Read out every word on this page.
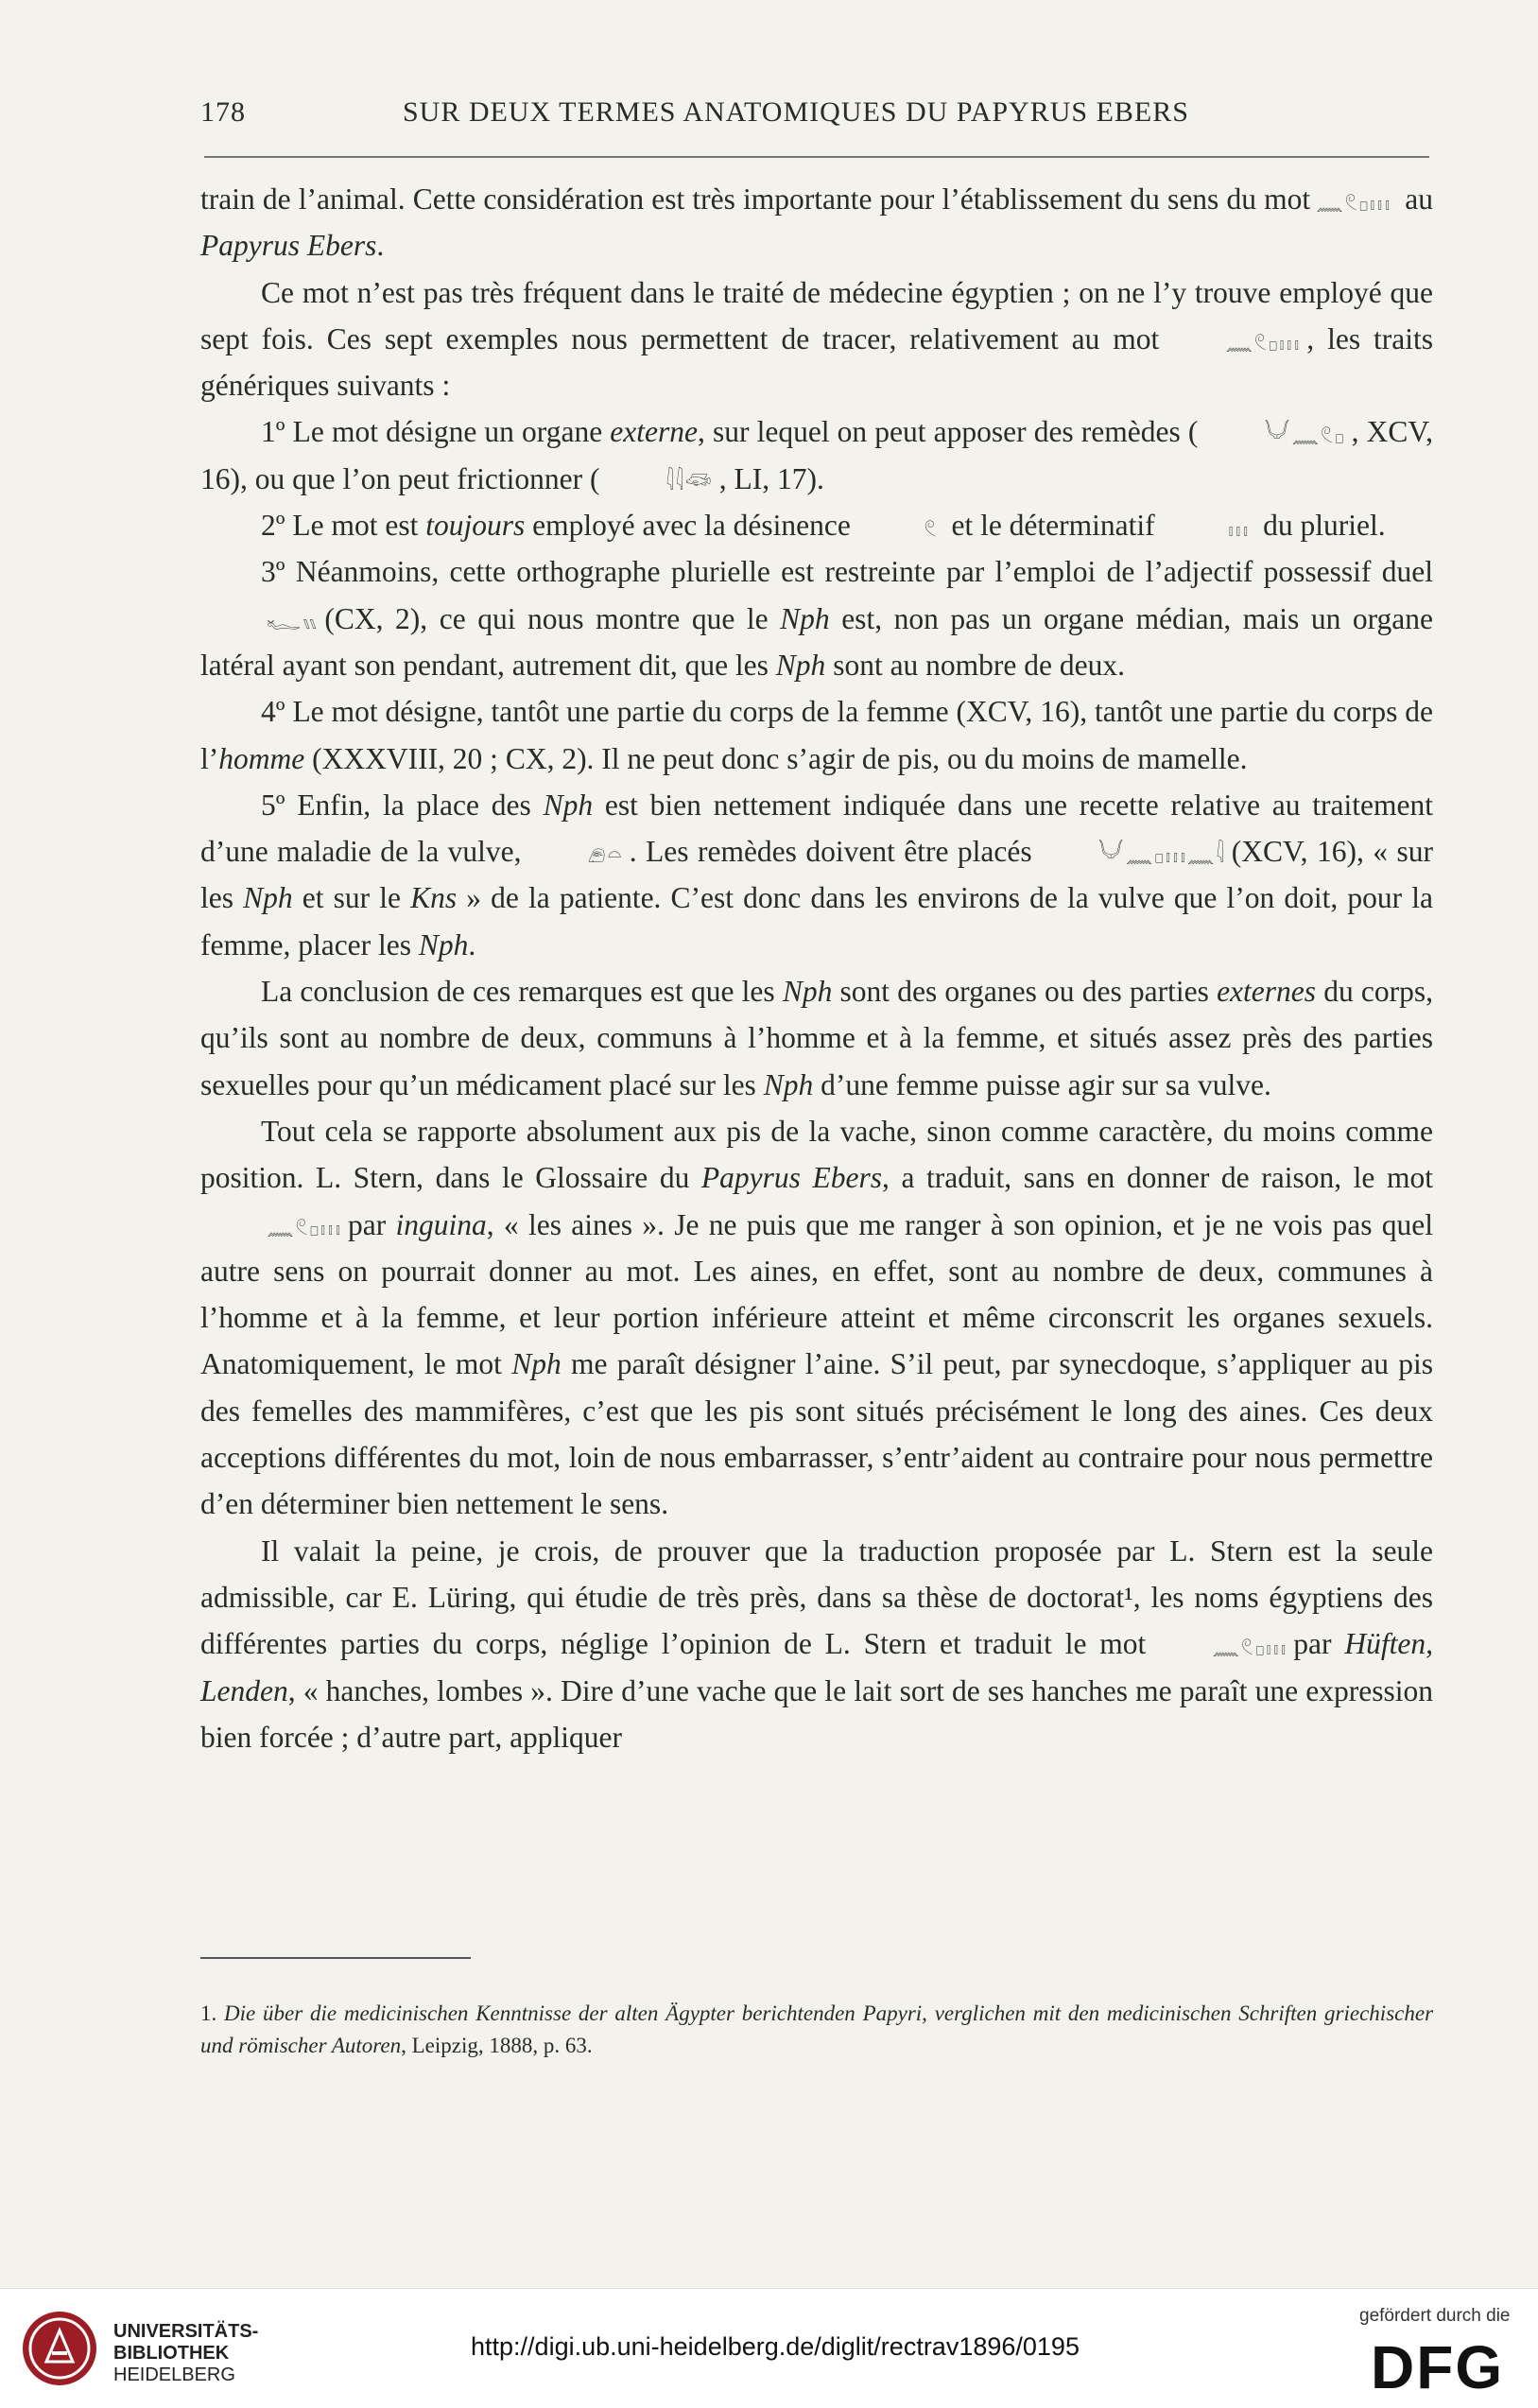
178	SUR DEUX TERMES ANATOMIQUES DU PAPYRUS EBERS

train de l’animal. Cette considération est très importante pour l’établissement du sens du mot 𓈖𓏲𓊪𓏥 au Papyrus Ebers.

Ce mot n’est pas très fréquent dans le traité de médecine égyptien ; on ne l’y trouve employé que sept fois. Ces sept exemples nous permettent de tracer, relativement au mot	𓈖𓏲𓊪𓏥 , les traits génériques suivants :

1º Le mot désigne un organe externe, sur lequel on peut apposer des remèdes (	𓄋𓈖𓏲𓊪 , XCV, 16), ou que l’on peut frictionner (	𓇋𓇋𓆛 , LI, 17).

2º Le mot est toujours employé avec la désinence	𓏲 et le déterminatif	𓏥 du pluriel.

3º Néanmoins, cette orthographe plurielle est restreinte par l’emploi de l’adjectif possessif duel𓆑𓏭 (CX, 2), ce qui nous montre que le Nph est, non pas un organe médian, mais un organe latéral ayant son pendant, autrement dit, que les Nph sont au nombre de deux.

4º Le mot désigne, tantôt une partie du corps de la femme (XCV, 16), tantôt une partie du corps de l’homme (XXXVIII, 20 ; CX, 2). Il ne peut donc s’agir de pis, ou du moins de mamelle.

5º Enfin, la place des Nph est bien nettement indiquée dans une recette relative au traitement d’une maladie de la vulve,	𓂉𓏏 . Les remèdes doivent être placés	𓄋𓈖𓊪𓏥𓈖𓇋 (XCV, 16), « sur les Nph et sur le Kns » de la patiente. C’est donc dans les environs de la vulve que l’on doit, pour la femme, placer les Nph.

La conclusion de ces remarques est que les Nph sont des organes ou des parties externes du corps, qu’ils sont au nombre de deux, communs à l’homme et à la femme, et situés assez près des parties sexuelles pour qu’un médicament placé sur les Nph d’une femme puisse agir sur sa vulve.

Tout cela se rapporte absolument aux pis de la vache, sinon comme caractère, du moins comme position. L. Stern, dans le Glossaire du Papyrus Ebers, a traduit, sans en donner de raison, le mot𓈖𓏲𓊪𓏥 par inguina, « les aines ». Je ne puis que me ranger à son opinion, et je ne vois pas quel autre sens on pourrait donner au mot. Les aines, en effet, sont au nombre de deux, communes à l’homme et à la femme, et leur portion inférieure atteint et même circonscrit les organes sexuels. Anatomiquement, le mot Nph me paraît désigner l’aine. S’il peut, par synecdoque, s’appliquer au pis des femelles des mammifères, c’est que les pis sont situés précisément le long des aines. Ces deux acceptions différentes du mot, loin de nous embarrasser, s’entr’aident au contraire pour nous permettre d’en déterminer bien nettement le sens.

Il valait la peine, je crois, de prouver que la traduction proposée par L. Stern est la seule admissible, car E. Lüring, qui étudie de très près, dans sa thèse de doctorat¹, les noms égyptiens des différentes parties du corps, néglige l’opinion de L. Stern et traduit le mot	𓈖𓏲𓊪𓏥 par Hüften, Lenden, « hanches, lombes ». Dire d’une vache que le lait sort de ses hanches me paraît une expression bien forcée ; d’autre part, appliquer

1. Die über die medicinischen Kenntnisse der alten Ägypter berichtenden Papyri, verglichen mit den medicinischen Schriften griechischer und römischer Autoren, Leipzig, 1888, p. 63.
UNIVERSITÄTS-
BIBLIOTHEK
HEIDELBERG
http://digi.ub.uni-heidelberg.de/diglit/rectrav1896/0195
gefördert durch die
DFG
